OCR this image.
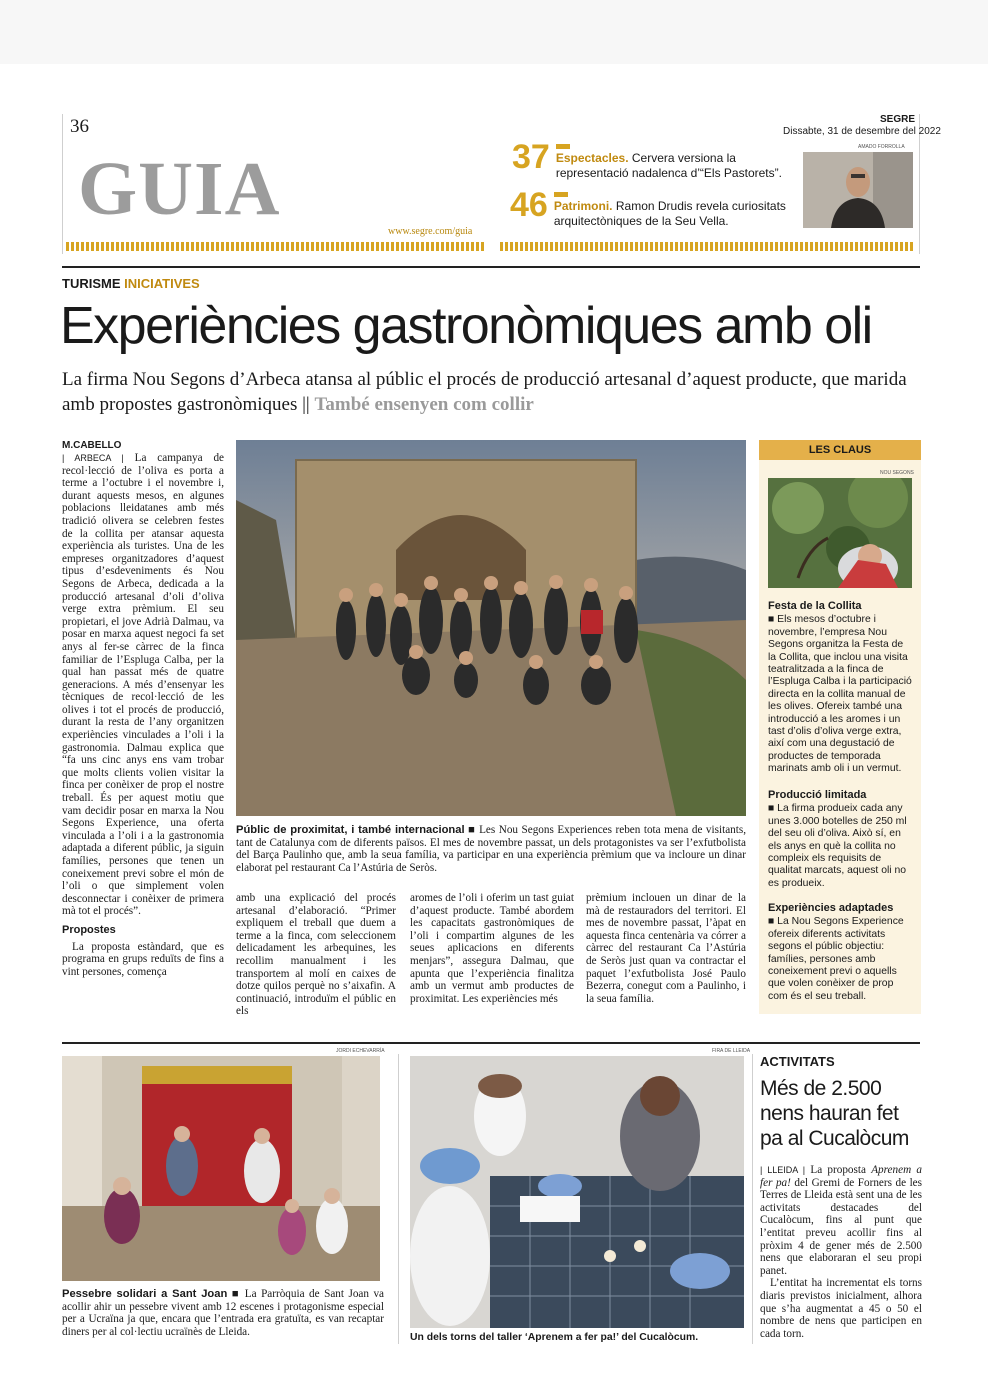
36
GUIA
www.segre.com/guia
37 Espectacles. Cervera versiona la representació nadalenca d’“Els Pastorets”.
46 Patrimoni. Ramon Drudis revela curiositats arquitectòniques de la Seu Vella.
SEGRE
Dissabte, 31 de desembre del 2022
AMADO FORROLLA
TURISME INICIATIVES
Experiències gastronòmiques amb oli
La firma Nou Segons d’Arbeca atansa al públic el procés de producció artesanal d’aquest producte, que marida amb propostes gastronòmiques || També ensenyen com collir
M.CABELLO

| ARBECA | La campanya de recol·lecció de l’oliva es porta a terme a l’octubre i el novembre i, durant aquests mesos, en algunes poblacions lleidatanes amb més tradició olivera se celebren festes de la collita per atansar aquesta experiència als turistes. Una de les empreses organitzadores d’aquest tipus d’esdeveniments és Nou Segons de Arbeca, dedicada a la producció artesanal d’oli d’oliva verge extra prèmium. El seu propietari, el jove Adrià Dalmau, va posar en marxa aquest negoci fa set anys al fer-se càrrec de la finca familiar de l’Espluga Calba, per la qual han passat més de quatre generacions. A més d’ensenyar les tècniques de recol·lecció de les olives i tot el procés de producció, durant la resta de l’any organitzen experiències vinculades a l’oli i la gastronomia. Dalmau explica que “fa uns cinc anys ens vam trobar que molts clients volien visitar la finca per conèixer de prop el nostre treball. És per aquest motiu que vam decidir posar en marxa la Nou Segons Experience, una oferta vinculada a l’oli i a la gastronomia adaptada a diferent públic, ja siguin famílies, persones que tenen un coneixement previ sobre el món de l’oli o que simplement volen desconnectar i conèixer de primera mà tot el procés”.

Propostes

La proposta estàndard, que es programa en grups reduïts de fins a vint persones, comença

Públic de proximitat, i també internacional ■ Les Nou Segons Experiences reben tota mena de visitants, tant de Catalunya com de diferents països. El mes de novembre passat, un dels protagonistes va ser l’exfutbolista del Barça Paulinho que, amb la seua família, va participar en una experiència prèmium que va incloure un dinar elaborat pel restaurant Ca l’Astúria de Seròs.

amb una explicació del procés artesanal d’elaboració. “Primer expliquem el treball que duem a terme a la finca, com seleccionem delicadament les arbequines, les recollim manualment i les transportem al molí en caixes de dotze quilos perquè no s’aixafin. A continuació, introduïm el públic en els

aromes de l’oli i oferim un tast guiat d’aquest producte. També abordem les capacitats gastronòmiques de l’oli i compartim algunes de les seues aplicacions en diferents menjars”, assegura Dalmau, que apunta que l’experiència finalitza amb un vermut amb productes de proximitat. Les experiències més

prèmium inclouen un dinar de la mà de restauradors del territori. El mes de novembre passat, l’àpat en aquesta finca centenària va córrer a càrrec del restaurant Ca l’Astúria de Seròs just quan va contractar el paquet l’exfutbolista José Paulo Bezerra, conegut com a Paulinho, i la seua família.

LES CLAUS
NOU SEGONS
Festa de la Collita
■ Els mesos d’octubre i novembre, l’empresa Nou Segons organitza la Festa de la Collita, que inclou una visita teatralitzada a la finca de l’Espluga Calba i la participació directa en la collita manual de les olives. Ofereix també una introducció a les aromes i un tast d’olis d’oliva verge extra, així com una degustació de productes de temporada marinats amb oli i un vermut.
Producció limitada
■ La firma produeix cada any unes 3.000 botelles de 250 ml del seu oli d’oliva. Això sí, en els anys en què la collita no compleix els requisits de qualitat marcats, aquest oli no es produeix.
Experiències adaptades
■ La Nou Segons Experience ofereix diferents activitats segons el públic objectiu: famílies, persones amb coneixement previ o aquells que volen conèixer de prop com és el seu treball.
JORDI ECHEVARRÍA
Pessebre solidari a Sant Joan ■ La Parròquia de Sant Joan va acollir ahir un pessebre vivent amb 12 escenes i protagonisme especial per a Ucraïna ja que, encara que l’entrada era gratuïta, es van recaptar diners per al col·lectiu ucraïnès de Lleida.
FIRA DE LLEIDA
Un dels torns del taller ‘Aprenem a fer pa!’ del Cucalòcum.
ACTIVITATS
Més de 2.500 nens hauran fet pa al Cucalòcum

| LLEIDA | La proposta Aprenem a fer pa! del Gremi de Forners de les Terres de Lleida està sent una de les activitats destacades del Cucalòcum, fins al punt que l’entitat preveu acollir fins al pròxim 4 de gener més de 2.500 nens que elaboraran el seu propi panet.

L’entitat ha incrementat els torns diaris previstos inicialment, alhora que s’ha augmentat a 45 o 50 el nombre de nens que participen en cada torn.
